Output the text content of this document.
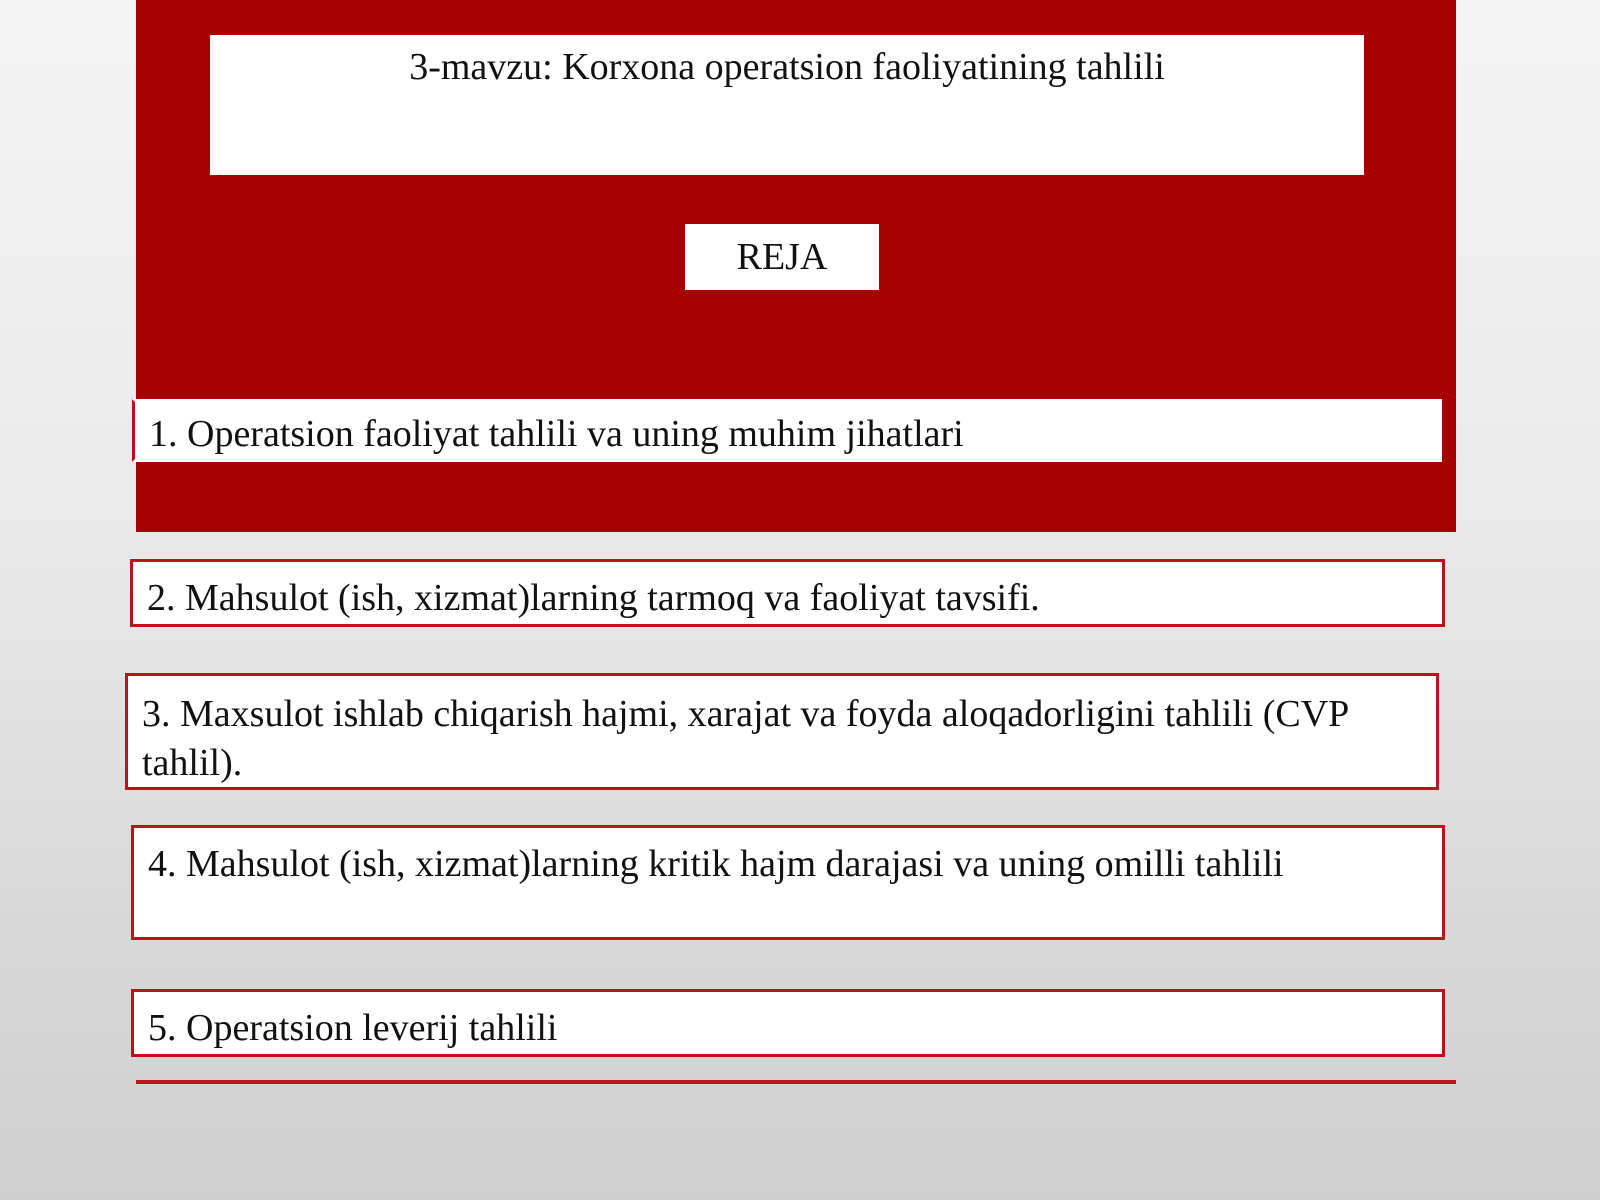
3-mavzu: Korxona operatsion faoliyatining tahlili
REJA
1. Operatsion faoliyat tahlili va uning muhim jihatlari
2. Mahsulot (ish, xizmat)larning tarmoq va faoliyat tavsifi.
3. Maxsulot ishlab chiqarish hajmi, xarajat va foyda aloqadorligini tahlili (CVP tahlil).
4. Mahsulot (ish, xizmat)larning kritik hajm darajasi va uning omilli tahlili
5. Operatsion leverij tahlili
